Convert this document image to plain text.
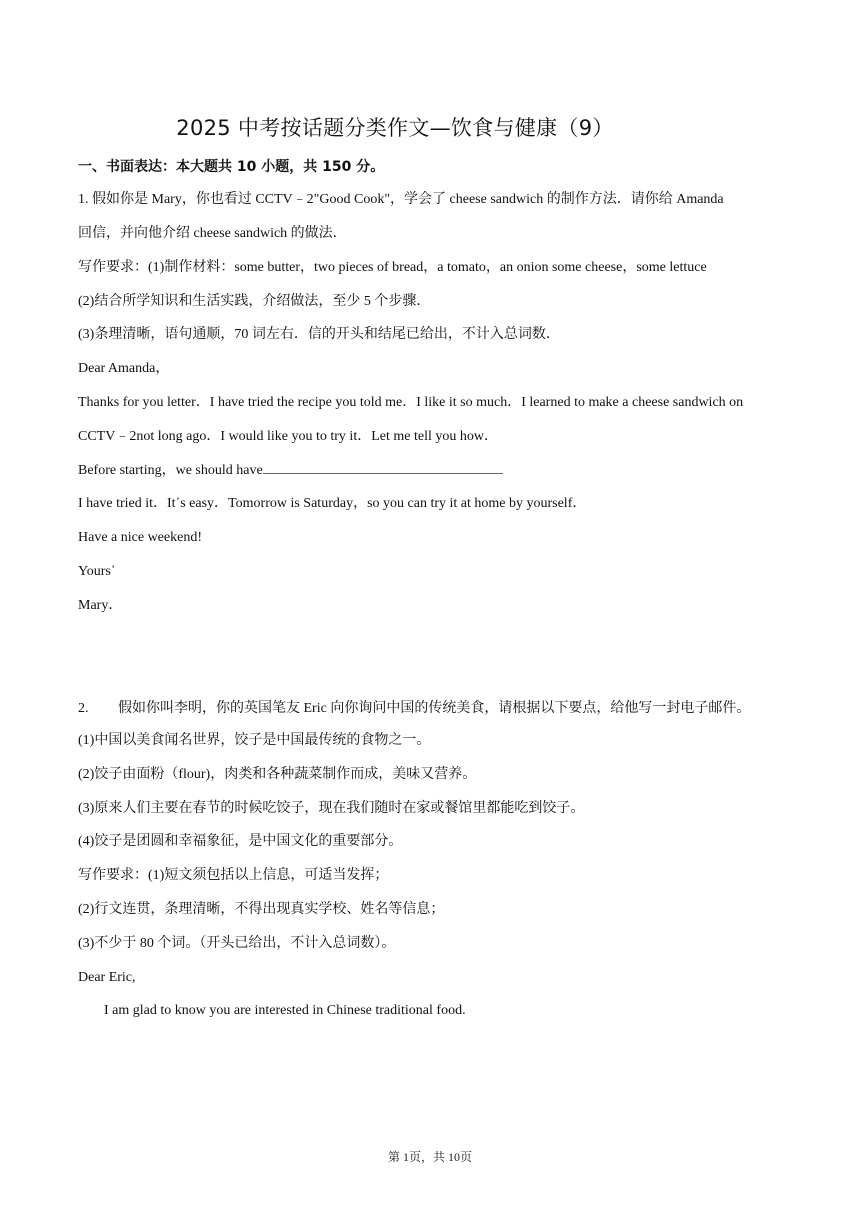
2025 中考按话题分类作文—饮食与健康（9）
一、书面表达：本大题共 10 小题，共 150 分。
1. 假如你是 Mary，你也看过 CCTV﹣2"Good Cook"，学会了 cheese sandwich 的制作方法．请你给 Amanda
回信，并向他介绍 cheese sandwich 的做法．
写作要求：(1)制作材料：some butter，two pieces of bread，a tomato，an onion some cheese，some lettuce
(2)结合所学知识和生活实践，介绍做法，至少 5 个步骤．
(3)条理清晰，语句通顺，70 词左右．信的开头和结尾已给出，不计入总词数．
Dear Amanda，
Thanks for you letter．I have tried the recipe you told me．I like it so much．I learned to make a cheese sandwich on
CCTV﹣2not long ago．I would like you to try it．Let me tell you how．
Before starting，we should have
I have tried it．It᾽s easy．Tomorrow is Saturday，so you can try it at home by yourself．
Have a nice weekend!
Yours᾽
Mary．
2. 假如你叫李明，你的英国笔友 Eric 向你询问中国的传统美食，请根据以下要点，给他写一封电子邮件。
(1)中国以美食闻名世界，饺子是中国最传统的食物之一。
(2)饺子由面粉（flour)，肉类和各种蔬菜制作而成，美味又营养。
(3)原来人们主要在春节的时候吃饺子，现在我们随时在家或餐馆里都能吃到饺子。
(4)饺子是团圆和幸福象征，是中国文化的重要部分。
写作要求：(1)短文须包括以上信息，可适当发挥；
(2)行文连贯，条理清晰，不得出现真实学校、姓名等信息；
(3)不少于 80 个词。（开头已给出，不计入总词数）。
Dear Eric,
I am glad to know you are interested in Chinese traditional food.
第 1页，共 10页
